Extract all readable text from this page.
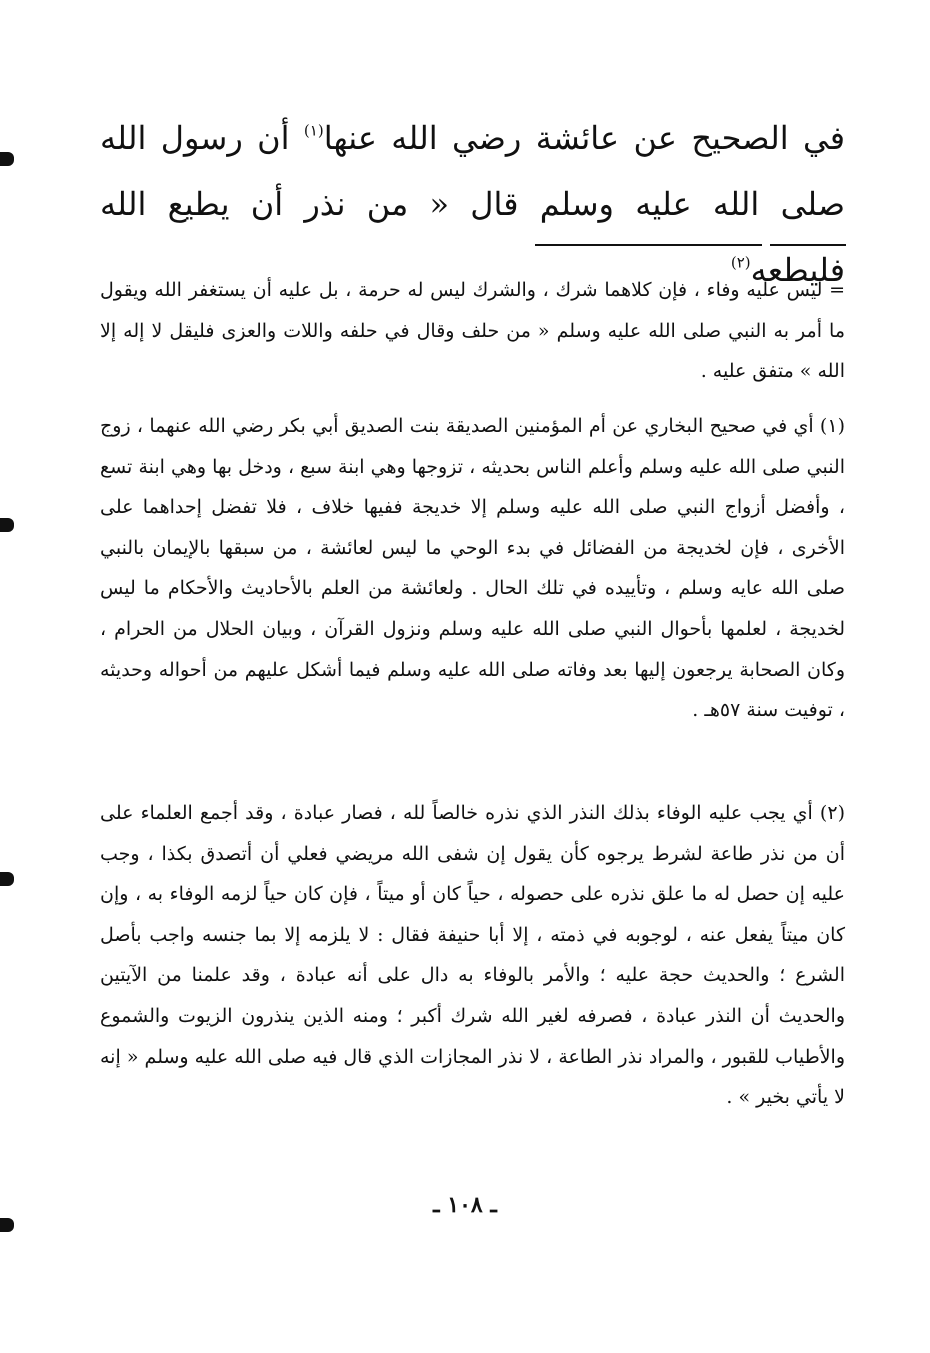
في الصحيح عن عائشة رضي الله عنها$^{(١)}$ أن رسول الله صلى الله عليه وسلم قال « من نذر أن يطيع الله فليطعه$^{(٢)}$

= ليس عليه وفاء ، فإن كلاهما شرك ، والشرك ليس له حرمة ، بل عليه أن يستغفر الله ويقول ما أمر به النبي صلى الله عليه وسلم « من حلف وقال في حلفه واللات والعزى فليقل لا إله إلا الله » متفق عليه .

(١) أي في صحيح البخاري عن أم المؤمنين الصديقة بنت الصديق أبي بكر رضي الله عنهما ، زوج النبي صلى الله عليه وسلم وأعلم الناس بحديثه ، تزوجها وهي ابنة سبع ، ودخل بها وهي ابنة تسع ، وأفضل أزواج النبي صلى الله عليه وسلم إلا خديجة ففيها خلاف ، فلا تفضل إحداهما على الأخرى ، فإن لخديجة من الفضائل في بدء الوحي ما ليس لعائشة ، من سبقها بالإيمان بالنبي صلى الله عايه وسلم ، وتأييده في تلك الحال . ولعائشة من العلم بالأحاديث والأحكام ما ليس لخديجة ، لعلمها بأحوال النبي صلى الله عليه وسلم ونزول القرآن ، وبيان الحلال من الحرام ، وكان الصحابة يرجعون إليها بعد وفاته صلى الله عليه وسلم فيما أشكل عليهم من أحواله وحديثه ، توفيت سنة ٥٧هـ .

(٢) أي يجب عليه الوفاء بذلك النذر الذي نذره خالصاً لله ، فصار عبادة ، وقد أجمع العلماء على أن من نذر طاعة لشرط يرجوه كأن يقول إن شفى الله مريضي فعلي أن أتصدق بكذا ، وجب عليه إن حصل له ما علق نذره على حصوله ، حياً كان أو ميتاً ، فإن كان حياً لزمه الوفاء به ، وإن كان ميتاً يفعل عنه ، لوجوبه في ذمته ، إلا أبا حنيفة فقال : لا يلزمه إلا بما جنسه واجب بأصل الشرع ؛ والحديث حجة عليه ؛ والأمر بالوفاء به دال على أنه عبادة ، وقد علمنا من الآيتين والحديث أن النذر عبادة ، فصرفه لغير الله شرك أكبر ؛ ومنه الذين ينذرون الزيوت والشموع والأطياب للقبور ، والمراد نذر الطاعة ، لا نذر المجازات الذي قال فيه صلى الله عليه وسلم « إنه لا يأتي بخير » .

ـ ١٠٨ ـ
